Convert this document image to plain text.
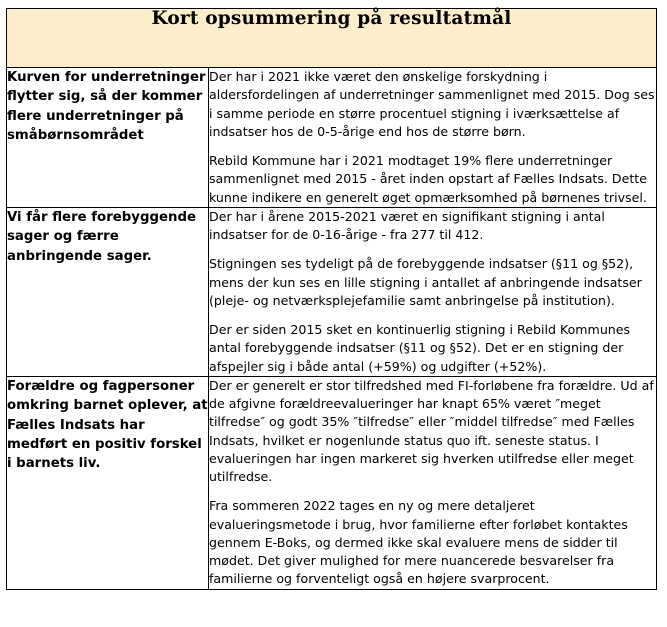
Kort opsummering på resultatmål	

Kurven for underretninger flytter sig, så der kommer flere underretninger på småbørnsområdet	Der har i 2021 ikke været den ønskelige forskydning i aldersfordelingen af underretninger sammenlignet med 2015. Dog ses i samme periode en større procentuel stigning i iværksættelse af indsatser hos de 0-5-årige end hos de større børn.

Rebild Kommune har i 2021 modtaget 19% flere underretninger sammenlignet med 2015 - året inden opstart af Fælles Indsats. Dette kunne indikere en generelt øget opmærksomhed på børnenes trivsel.

Vi får flere forebyggende sager og færre anbringende sager.	Der har i årene 2015-2021 været en signifikant stigning i antal indsatser for de 0-16-årige - fra 277 til 412.

Stigningen ses tydeligt på de forebyggende indsatser (§11 og §52), mens der kun ses en lille stigning i antallet af anbringende indsatser (pleje- og netværksplejefamilie samt anbringelse på institution).

Der er siden 2015 sket en kontinuerlig stigning i Rebild Kommunes antal forebyggende indsatser (§11 og §52). Det er en stigning der afspejler sig i både antal (+59%) og udgifter (+52%).

Forældre og fagpersoner omkring barnet oplever, at Fælles Indsats har medført en positiv forskel i barnets liv.	Der er generelt er stor tilfredshed med FI-forløbene fra forældre. Ud af de afgivne forældreevalueringer har knapt 65% været ″meget tilfredse″ og godt 35% ″tilfredse″ eller ″middel tilfredse″ med Fælles Indsats, hvilket er nogenlunde status quo ift. seneste status. I evalueringen har ingen markeret sig hverken utilfredse eller meget utilfredse.

Fra sommeren 2022 tages en ny og mere detaljeret evalueringsmetode i brug, hvor familierne efter forløbet kontaktes gennem E-Boks, og dermed ikke skal evaluere mens de sidder til mødet. Det giver mulighed for mere nuancerede besvarelser fra familierne og forventeligt også en højere svarprocent.
